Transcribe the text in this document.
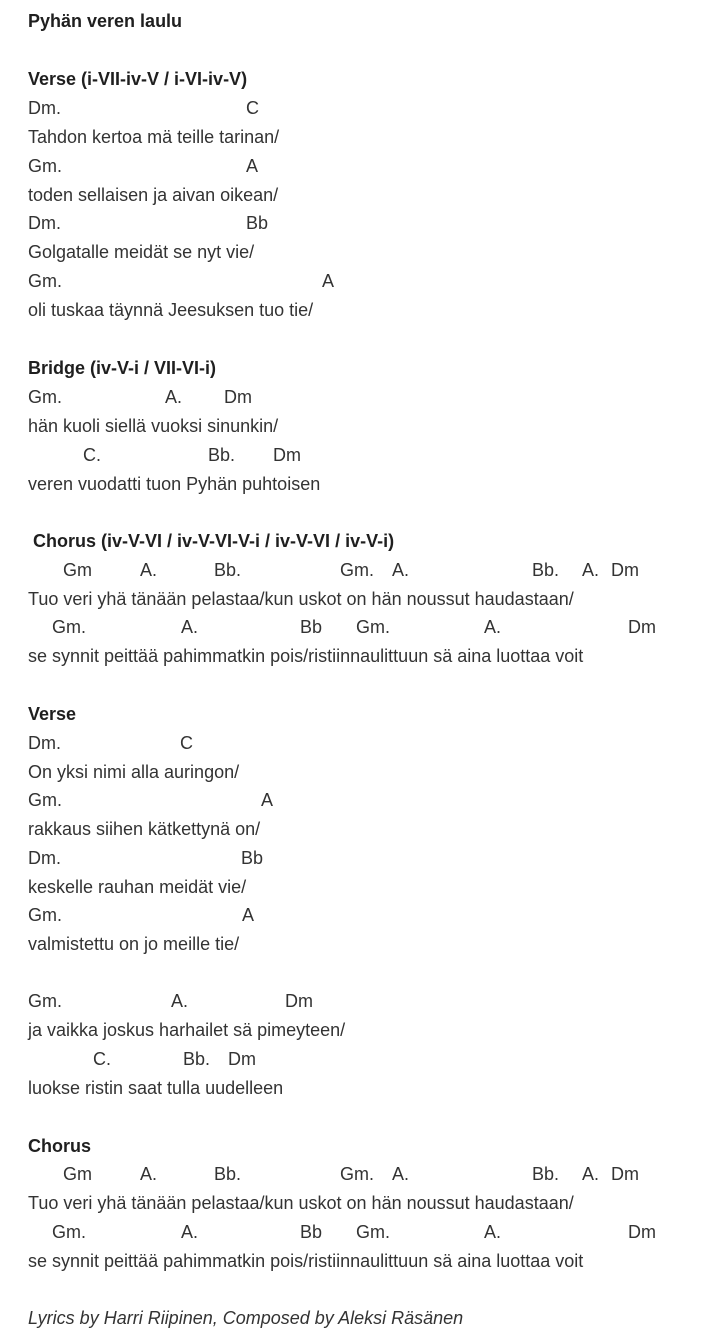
Pyhän veren laulu
Verse (i-VII-iv-V / i-VI-iv-V)
Dm.	C
Tahdon kertoa mä teille tarinan/
Gm.	A
toden sellaisen ja aivan oikean/
Dm.	Bb
Golgatalle meidät se nyt vie/
Gm.	A
oli tuskaa täynnä Jeesuksen tuo tie/
Bridge (iv-V-i / VII-VI-i)
Gm.	A. Dm
hän kuoli siellä vuoksi sinunkin/
C.	Bb. Dm
veren vuodatti tuon Pyhän puhtoisen
Chorus (iv-V-VI / iv-V-VI-V-i / iv-V-VI / iv-V-i)
Gm	A.	Bb.	Gm. A.	Bb. A. Dm
Tuo veri yhä tänään pelastaa/kun uskot on hän noussut haudastaan/
Gm.	A.	Bb Gm.	A.	Dm
se synnit peittää pahimmatkin pois/ristiinnaulittuun sä aina luottaa voit
Verse
Dm.	C
On yksi nimi alla auringon/
Gm.	A
rakkaus siihen kätkettynä on/
Dm.	Bb
keskelle rauhan meidät vie/
Gm.	A
valmistettu on jo meille tie/
Gm.	A.	Dm
ja vaikka joskus harhailet sä pimeyteen/
C.	Bb. Dm
luokse ristin saat tulla uudelleen
Chorus
Gm	A.	Bb.	Gm. A.	Bb. A. Dm
Tuo veri yhä tänään pelastaa/kun uskot on hän noussut haudastaan/
Gm.	A.	Bb Gm.	A.	Dm
se synnit peittää pahimmatkin pois/ristiinnaulittuun sä aina luottaa voit
Lyrics by Harri Riipinen, Composed by Aleksi Räsänen
